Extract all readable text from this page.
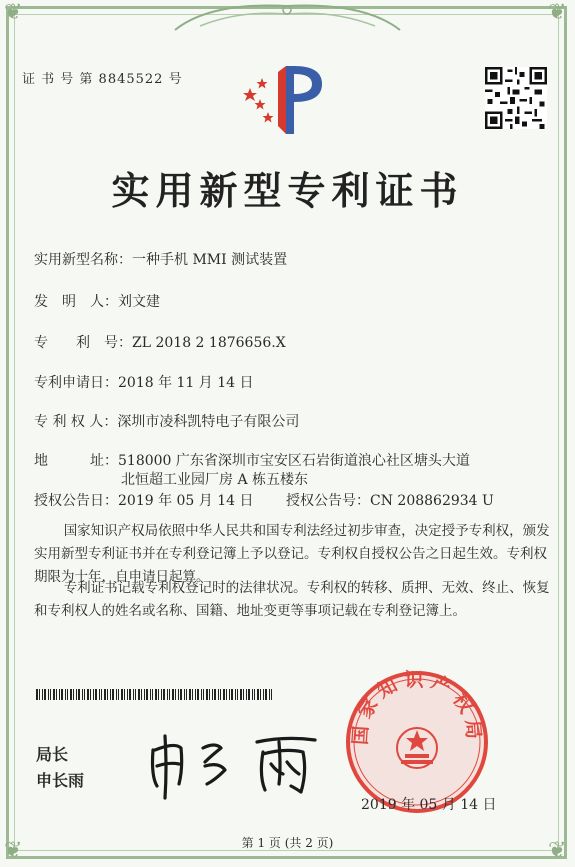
❦	❦
❦	❦
证 书 号 第 8845522 号
实用新型专利证书
实用新型名称：一种手机 MMI 测试装置
发　明　人：刘文建
专　　利　号：ZL 2018 2 1876656.X
专利申请日：2018 年 11 月 14 日
专 利 权 人：深圳市凌科凯特电子有限公司
地　　　址：518000 广东省深圳市宝安区石岩街道浪心社区塘头大道
北恒超工业园厂房 A 栋五楼东
授权公告日：2019 年 05 月 14 日 授权公告号：CN 208862934 U
国家知识产权局依照中华人民共和国专利法经过初步审查，决定授予专利权，颁发实用新型专利证书并在专利登记簿上予以登记。专利权自授权公告之日起生效。专利权期限为十年，自申请日起算。
专利证书记载专利权登记时的法律状况。专利权的转移、质押、无效、终止、恢复和专利权人的姓名或名称、国籍、地址变更等事项记载在专利登记簿上。
局长
申长雨
国家知识产权局
2019 年 05 月 14 日
第 1 页 (共 2 页)
